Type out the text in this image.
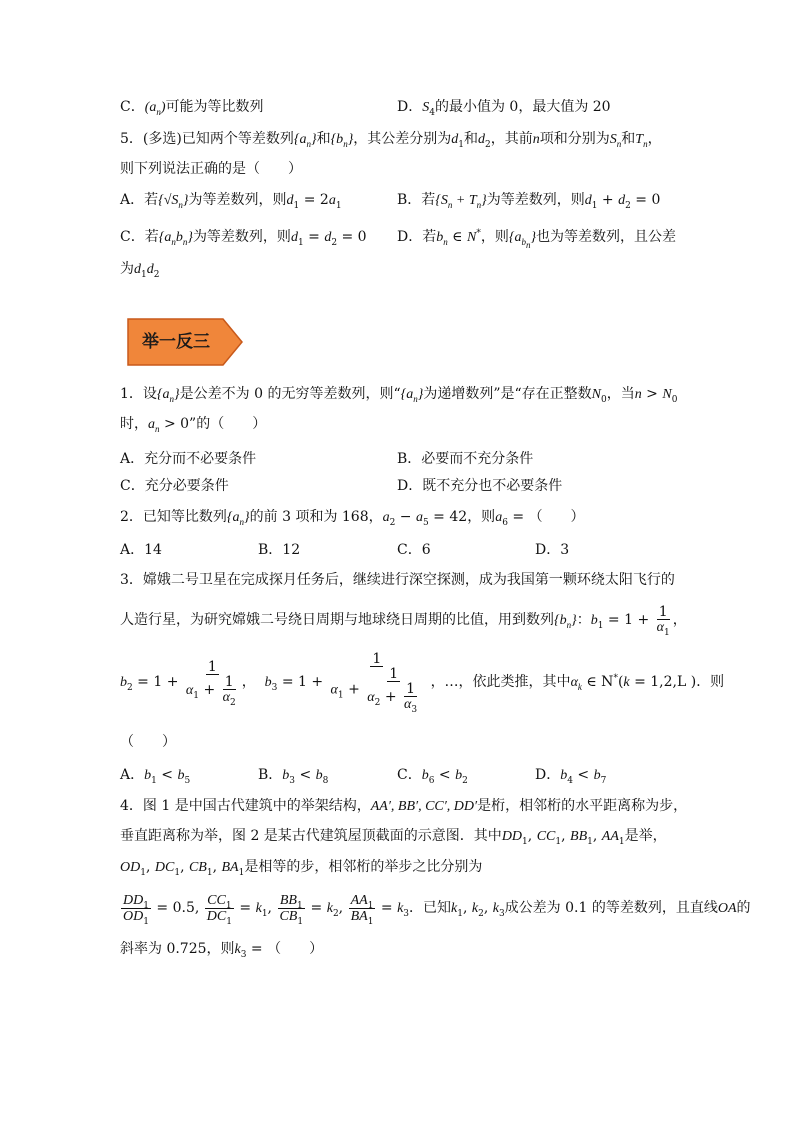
C．$(a_n)$可能为等比数列	D．$S_4$的最小值为 0，最大值为 20
5．(多选)已知两个等差数列$\{a_n\}$和$\{b_n\}$，其公差分别为$d_1$和$d_2$，其前n项和分别为$S_n$和$T_n$，
则下列说法正确的是（　　）
A．若$\{√S_n\}$为等差数列，则$d_1 = 2a_1$	B．若$\{S_n + T_n\}$为等差数列，则$d_1 + d_2 = 0$
C．若$\{a_nb_n\}$为等差数列，则$d_1 = d_2 = 0$ D．若$b_n$ ∈ N*，则$\{a_{b_n}\}$也为等差数列，且公差
为$d_1d_2$
举一反三
1．设$\{a_n\}$是公差不为 0 的无穷等差数列，则“$\{a_n\}$为递增数列”是“存在正整数$N_0$，当$n > N_0$
时，$a_n > 0$”的（　　）
A．充分而不必要条件	B．必要而不充分条件
C．充分必要条件	D．既不充分也不必要条件
2．已知等比数列$\{a_n\}$的前 3 项和为 168，$a_2 - a_5 = 42$，则$a_6$ = （　　）
A．14	B．12	C．6	D．3
3．嫦娥二号卫星在完成探月任务后，继续进行深空探测，成为我国第一颗环绕太阳飞行的
人造行星，为研究嫦娥二号绕日周期与地球绕日周期的比值，用到数列$\{b_n\}$：$b_1 = 1 + \frac{1}{\alpha_1}$ ，
$b_2 = 1 + \frac{1}{\alpha_1 + \frac{1}{\alpha_2}}$ ，  $b_3 = 1 + \frac{1}{\alpha_1 + \frac{1}{\alpha_2 + \frac{1}{\alpha_3}}}$ ，…，依此类推，其中$\alpha_k$ ∈ N*(k = 1,2,L )．则
（　　）
A．$b_1 < b_5$	B．$b_3 < b_8$	C．$b_6 < b_2$	D．$b_4 < b_7$
4．图 1 是中国古代建筑中的举架结构，AA′, BB′, CC′, DD′是桁，相邻桁的水平距离称为步，
垂直距离称为举，图 2 是某古代建筑屋顶截面的示意图．其中$DD_1$, $CC_1$, $BB_1$, $AA_1$是举，
$OD_1$, $DC_1$, $CB_1$, $BA_1$是相等的步，相邻桁的举步之比分别为
$\frac{DD_1}{OD_1} = 0.5$, $\frac{CC_1}{DC_1} = k_1$, $\frac{BB_1}{CB_1} = k_2$, $\frac{AA_1}{BA_1} = k_3$．已知$k_1$, $k_2$, $k_3$成公差为 0.1 的等差数列，且直线OA的
斜率为 0.725，则$k_3$ = （　　）
